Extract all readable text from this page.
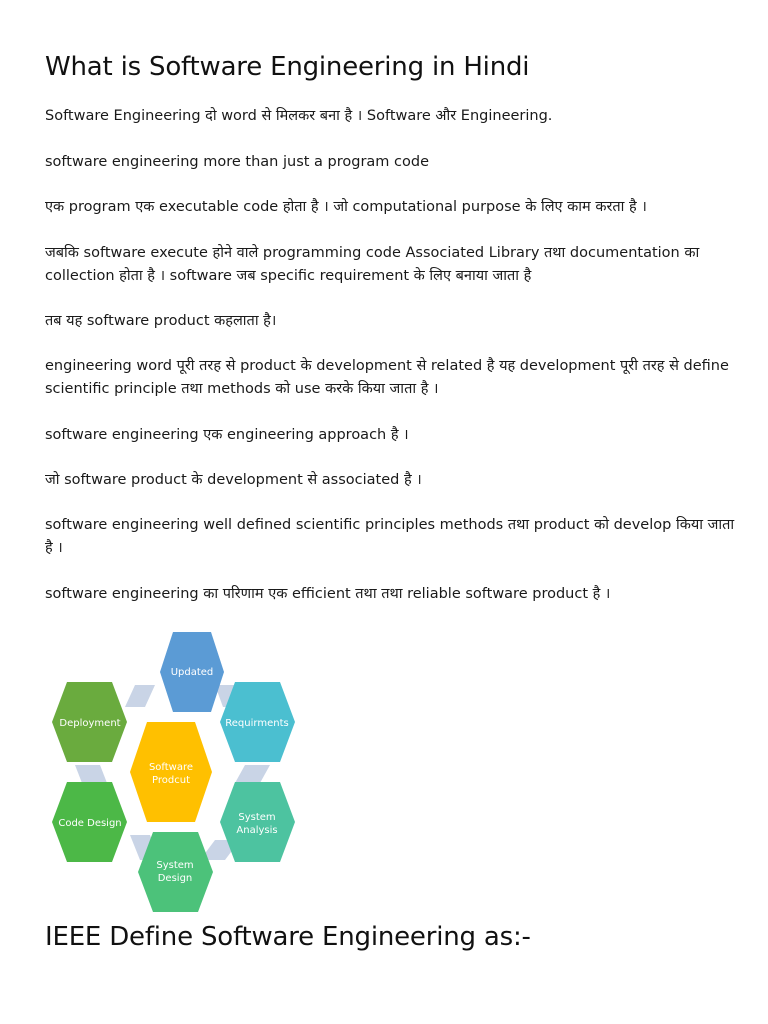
What is Software Engineering in Hindi

Software Engineering दो word से मिलकर बना है । Software और Engineering.

software engineering more than just a program code

एक program एक executable code होता है । जो computational purpose के लिए काम करता है ।

जबकि software execute होने वाले programming code Associated Library तथा documentation का collection होता है । software जब specific requirement के लिए बनाया जाता है

तब यह software product कहलाता है।

engineering word पूरी तरह से product के development से related है यह development पूरी तरह से define scientific principle तथा methods को use करके किया जाता है ।

software engineering एक engineering approach है ।

जो software product के development से associated है ।

software engineering well defined scientific principles methods तथा product को develop किया जाता है ।

software engineering का परिणाम एक efficient तथा तथा reliable software product है ।

Updated
Requirments
System
Analysis
System
Design
Code Design
Deployment
Software
Prodcut
IEEE Define Software Engineering as:-
